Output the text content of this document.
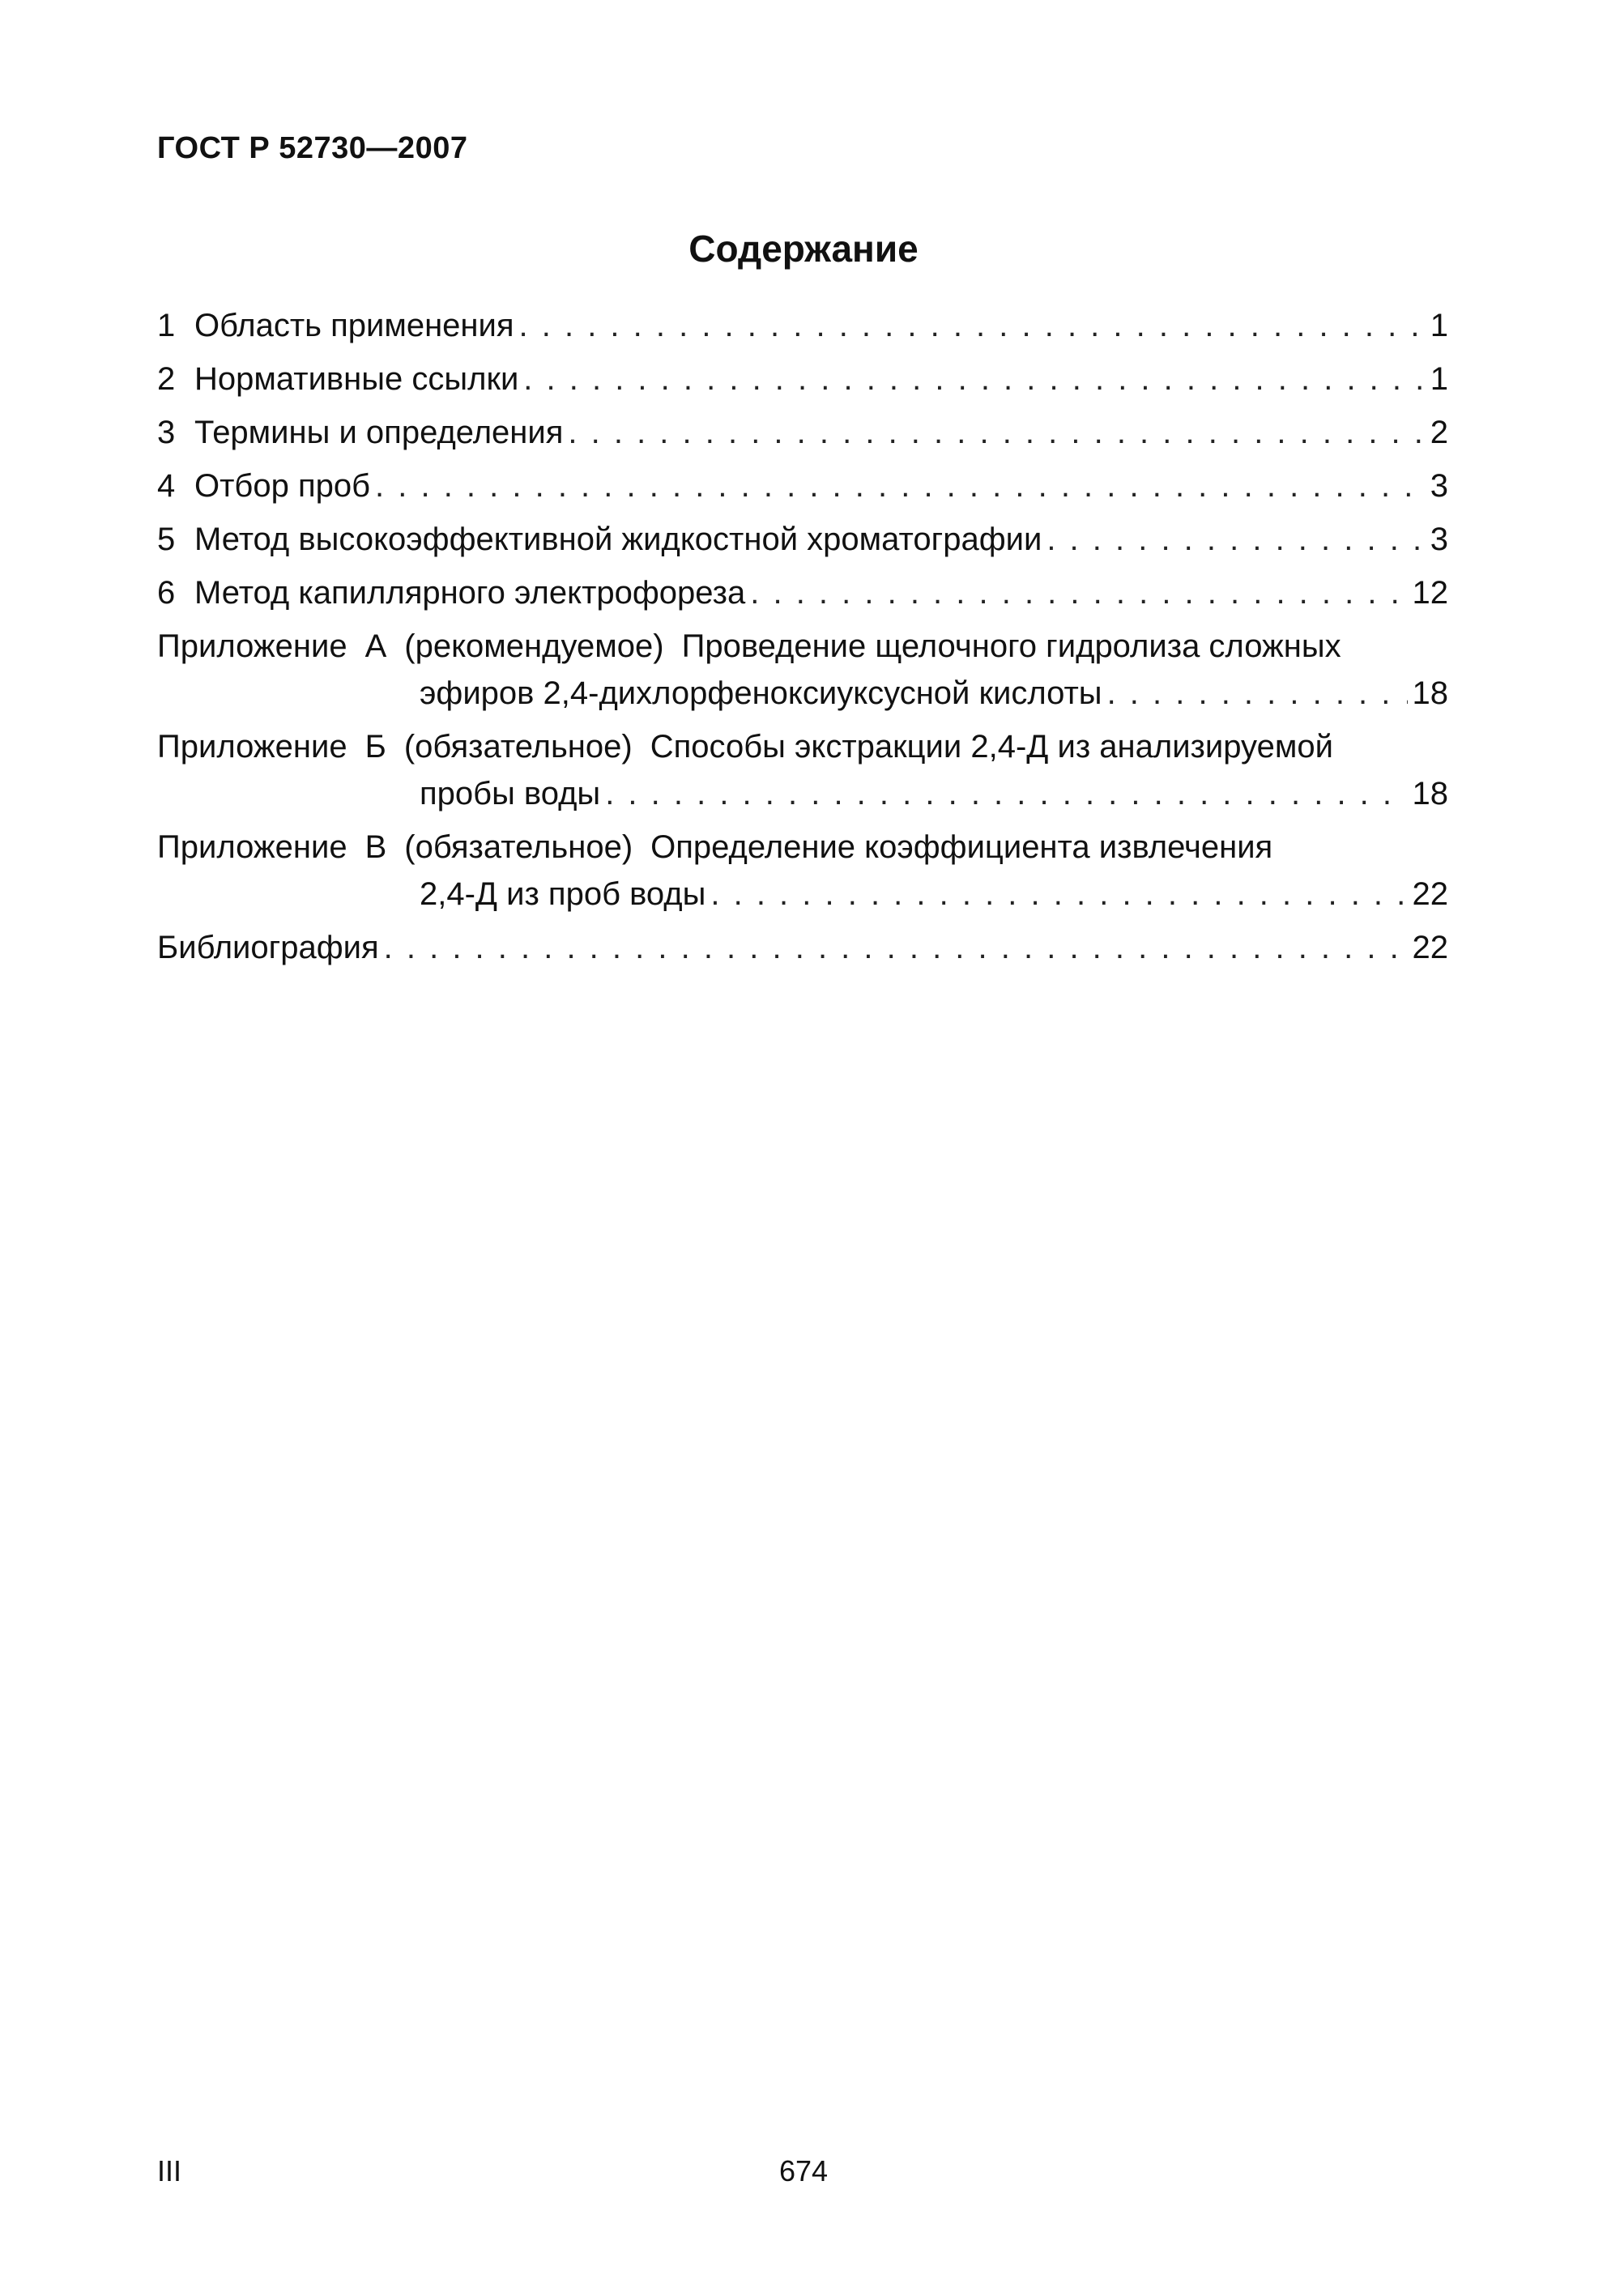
ГОСТ Р 52730—2007
Содержание
1 Область применения . . .	1
2 Нормативные ссылки . . .	1
3 Термины и определения . . .	2
4 Отбор проб . . .	3
5 Метод высокоэффективной жидкостной хроматографии . . .	3
6 Метод капиллярного электрофореза . . .	12
Приложение А (рекомендуемое) Проведение щелочного гидролиза сложных
эфиров 2,4-дихлорфеноксиуксусной кислоты . . .	18
Приложение Б (обязательное) Способы экстракции 2,4-Д из анализируемой
пробы воды . . .	18
Приложение В (обязательное) Определение коэффициента извлечения
2,4-Д из проб воды . . .	22
Библиография . . .	22
III	674
